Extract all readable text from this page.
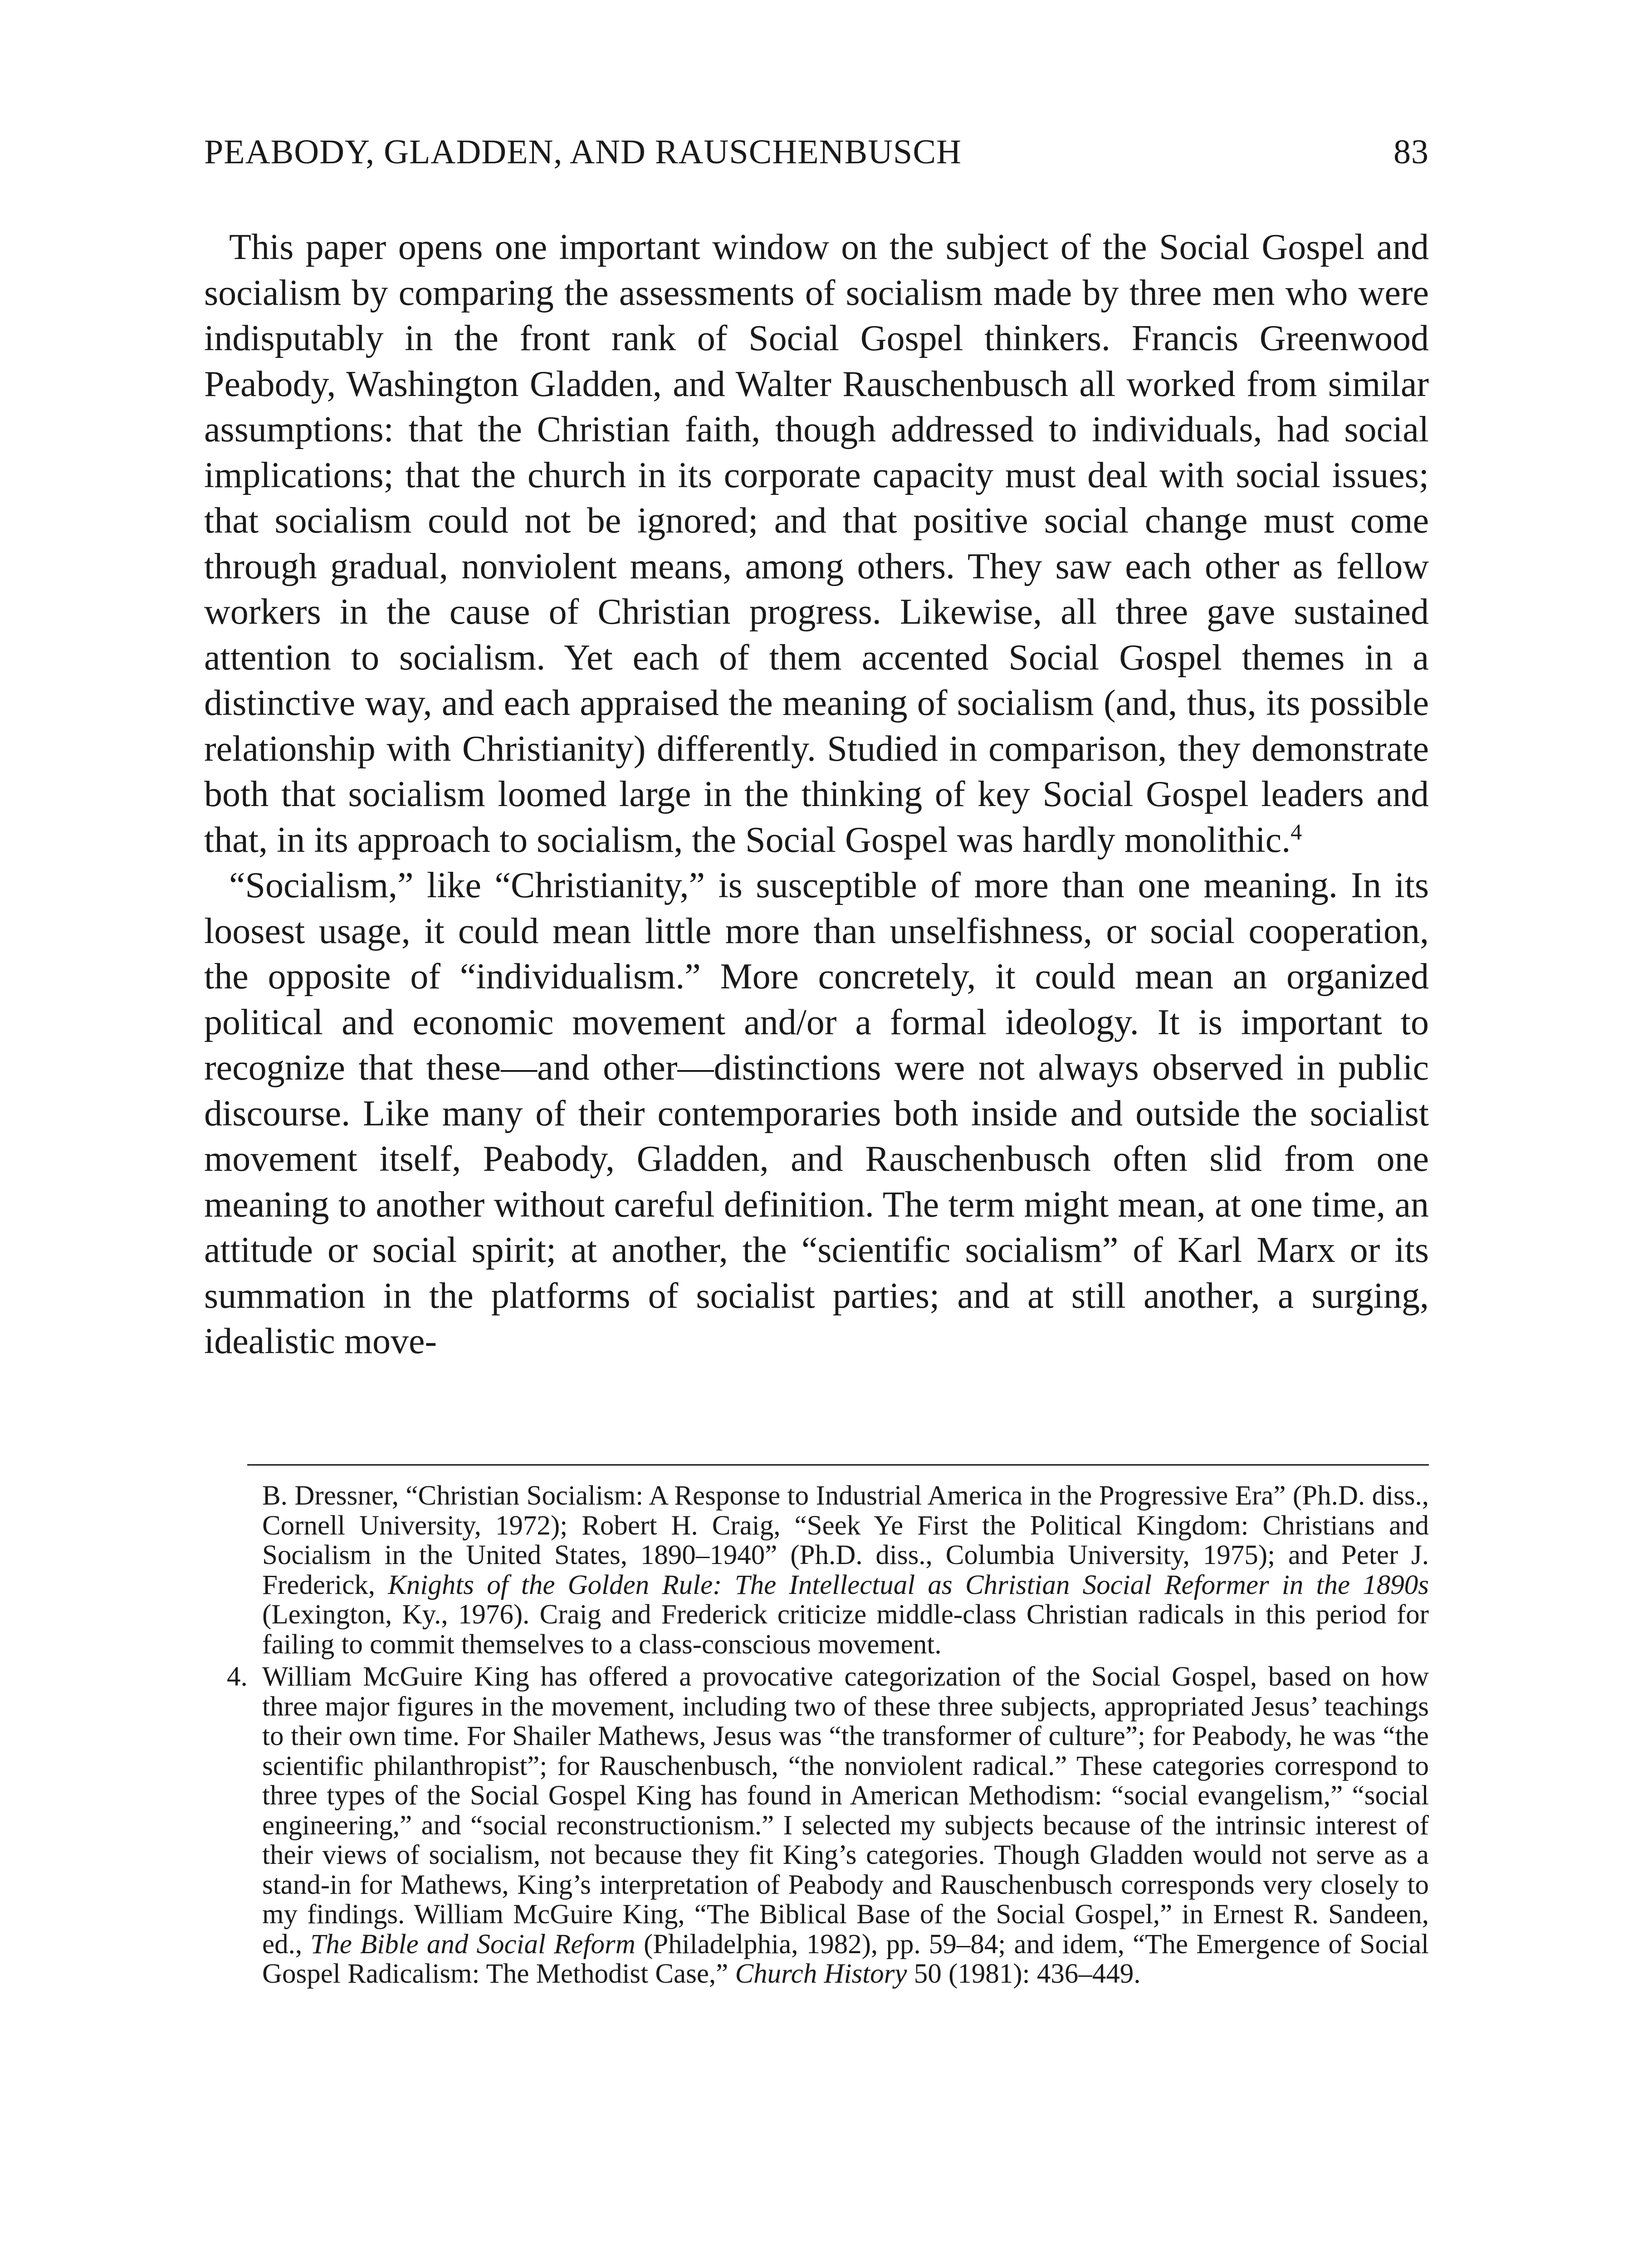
PEABODY, GLADDEN, AND RAUSCHENBUSCH	83

This paper opens one important window on the subject of the Social Gospel and socialism by comparing the assessments of socialism made by three men who were indisputably in the front rank of Social Gospel thinkers. Francis Greenwood Peabody, Washington Gladden, and Walter Rauschenbusch all worked from similar assumptions: that the Christian faith, though addressed to individuals, had social implications; that the church in its corporate capacity must deal with social issues; that socialism could not be ignored; and that positive social change must come through gradual, nonviolent means, among others. They saw each other as fellow workers in the cause of Christian progress. Likewise, all three gave sustained attention to socialism. Yet each of them accented Social Gospel themes in a distinctive way, and each appraised the meaning of socialism (and, thus, its possible relationship with Christianity) differently. Studied in comparison, they demonstrate both that socialism loomed large in the thinking of key Social Gospel leaders and that, in its approach to socialism, the Social Gospel was hardly monolithic.$^4$

“Socialism,” like “Christianity,” is susceptible of more than one meaning. In its loosest usage, it could mean little more than unselfishness, or social cooperation, the opposite of “individualism.” More concretely, it could mean an organized political and economic movement and/or a formal ideology. It is important to recognize that these—and other—distinctions were not always observed in public discourse. Like many of their contemporaries both inside and outside the socialist movement itself, Peabody, Gladden, and Rauschenbusch often slid from one meaning to another without careful definition. The term might mean, at one time, an attitude or social spirit; at another, the “scientific socialism” of Karl Marx or its summation in the platforms of socialist parties; and at still another, a surging, idealistic move-

B. Dressner, “Christian Socialism: A Response to Industrial America in the Progressive Era” (Ph.D. diss., Cornell University, 1972); Robert H. Craig, “Seek Ye First the Political Kingdom: Christians and Socialism in the United States, 1890–1940” (Ph.D. diss., Columbia University, 1975); and Peter J. Frederick, Knights of the Golden Rule: The Intellectual as Christian Social Reformer in the 1890s (Lexington, Ky., 1976). Craig and Frederick criticize middle-class Christian radicals in this period for failing to commit themselves to a class-conscious movement.
4. William McGuire King has offered a provocative categorization of the Social Gospel, based on how three major figures in the movement, including two of these three subjects, appropriated Jesus’ teachings to their own time. For Shailer Mathews, Jesus was “the transformer of culture”; for Peabody, he was “the scientific philanthropist”; for Rauschenbusch, “the nonviolent radical.” These categories correspond to three types of the Social Gospel King has found in American Methodism: “social evangelism,” “social engineering,” and “social reconstructionism.” I selected my subjects because of the intrinsic interest of their views of socialism, not because they fit King’s categories. Though Gladden would not serve as a stand-in for Mathews, King’s interpretation of Peabody and Rauschenbusch corresponds very closely to my findings. William McGuire King, “The Biblical Base of the Social Gospel,” in Ernest R. Sandeen, ed., The Bible and Social Reform (Philadelphia, 1982), pp. 59–84; and idem, “The Emergence of Social Gospel Radicalism: The Methodist Case,” Church History 50 (1981): 436–449.
